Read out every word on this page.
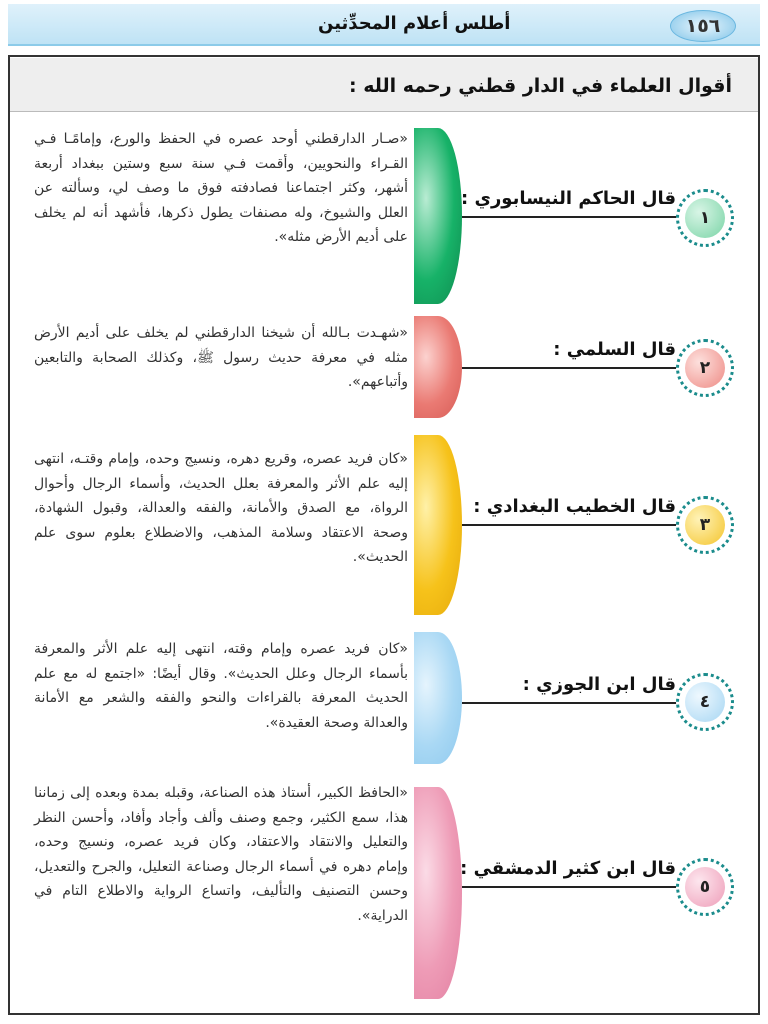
١٥٦
أطلس أعلام المحدِّثين
أقوال العلماء في الدار قطني رحمه الله :
«صـار الدارقطني أوحد عصره في الحفظ والورع، وإمامًـا فـي القـراء والنحويين، وأقمت فـي سنة سبع وستين ببغداد أربعة أشهر، وكثر اجتماعنا فصادفته فوق ما وصف لي، وسألته عن العلل والشيوخ، وله مصنفات يطول ذكرها، فأشهد أنه لم يخلف على أديم الأرض مثله».
قال الحاكم النيسابوري :
١
«شهـدت بـالله أن شيخنا الدارقطني لم يخلف على أديم الأرض مثله في معرفة حديث رسول ﷺ، وكذلك الصحابة والتابعين وأتباعهم».
قال السلمي :
٢
«كان فريد عصره، وقريع دهره، ونسيج وحده، وإمام وقتـه، انتهى إليه علم الأثر والمعرفة بعلل الحديث، وأسماء الرجال وأحوال الرواة، مع الصدق والأمانة، والفقه والعدالة، وقبول الشهادة، وصحة الاعتقاد وسلامة المذهب، والاضطلاع بعلوم سوى علم الحديث».
قال الخطيب البغدادي :
٣
«كان فريد عصره وإمام وقته، انتهى إليه علم الأثر والمعرفة بأسماء الرجال وعلل الحديث». وقال أيضًا: «اجتمع له مع علم الحديث المعرفة بالقراءات والنحو والفقه والشعر مع الأمانة والعدالة وصحة العقيدة».
قال ابن الجوزي :
٤
«الحافظ الكبير، أستاذ هذه الصناعة، وقبله بمدة وبعده إلى زماننا هذا، سمع الكثير، وجمع وصنف وألف وأجاد وأفاد، وأحسن النظر والتعليل والانتقاد والاعتقاد، وكان فريد عصره، ونسيج وحده، وإمام دهره في أسماء الرجال وصناعة التعليل، والجرح والتعديل، وحسن التصنيف والتأليف، واتساع الرواية والاطلاع التام في الدراية».
قال ابن كثير الدمشقي :
٥
